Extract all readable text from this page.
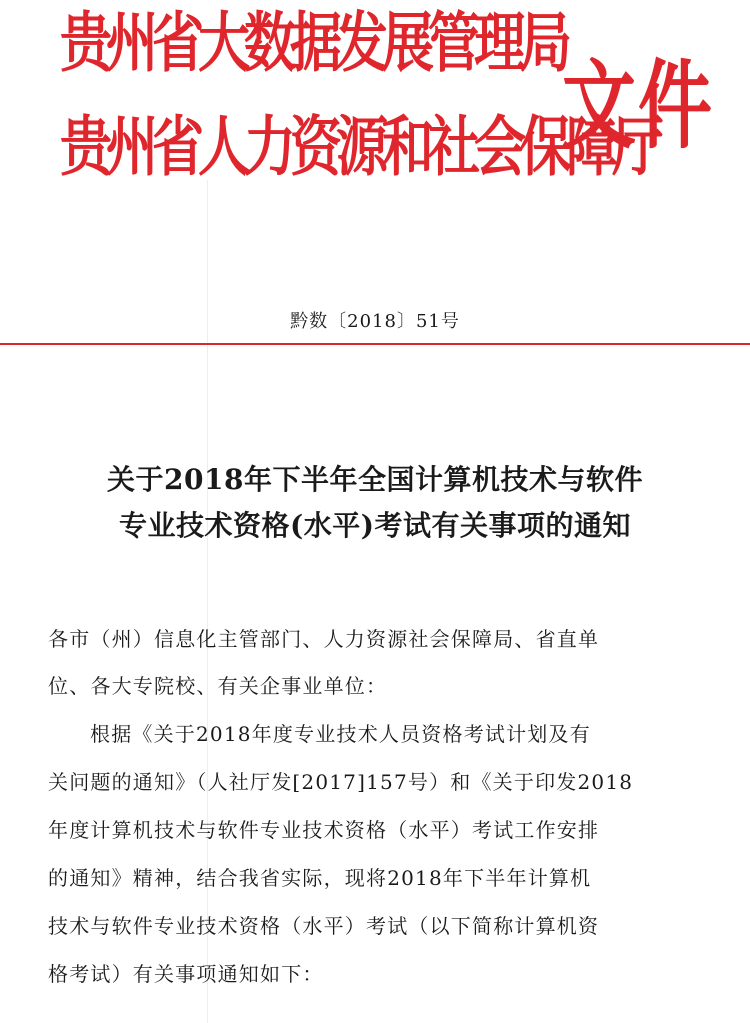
贵州省大数据发展管理局
贵州省人力资源和社会保障厅
文件
黔数〔2018〕51号
关于2018年下半年全国计算机技术与软件
专业技术资格(水平)考试有关事项的通知
各市（州）信息化主管部门、人力资源社会保障局、省直单
位、各大专院校、有关企事业单位：
根据《关于2018年度专业技术人员资格考试计划及有
关问题的通知》（人社厅发[2017]157号）和《关于印发2018
年度计算机技术与软件专业技术资格（水平）考试工作安排
的通知》精神，结合我省实际，现将2018年下半年计算机
技术与软件专业技术资格（水平）考试（以下简称计算机资
格考试）有关事项通知如下：
